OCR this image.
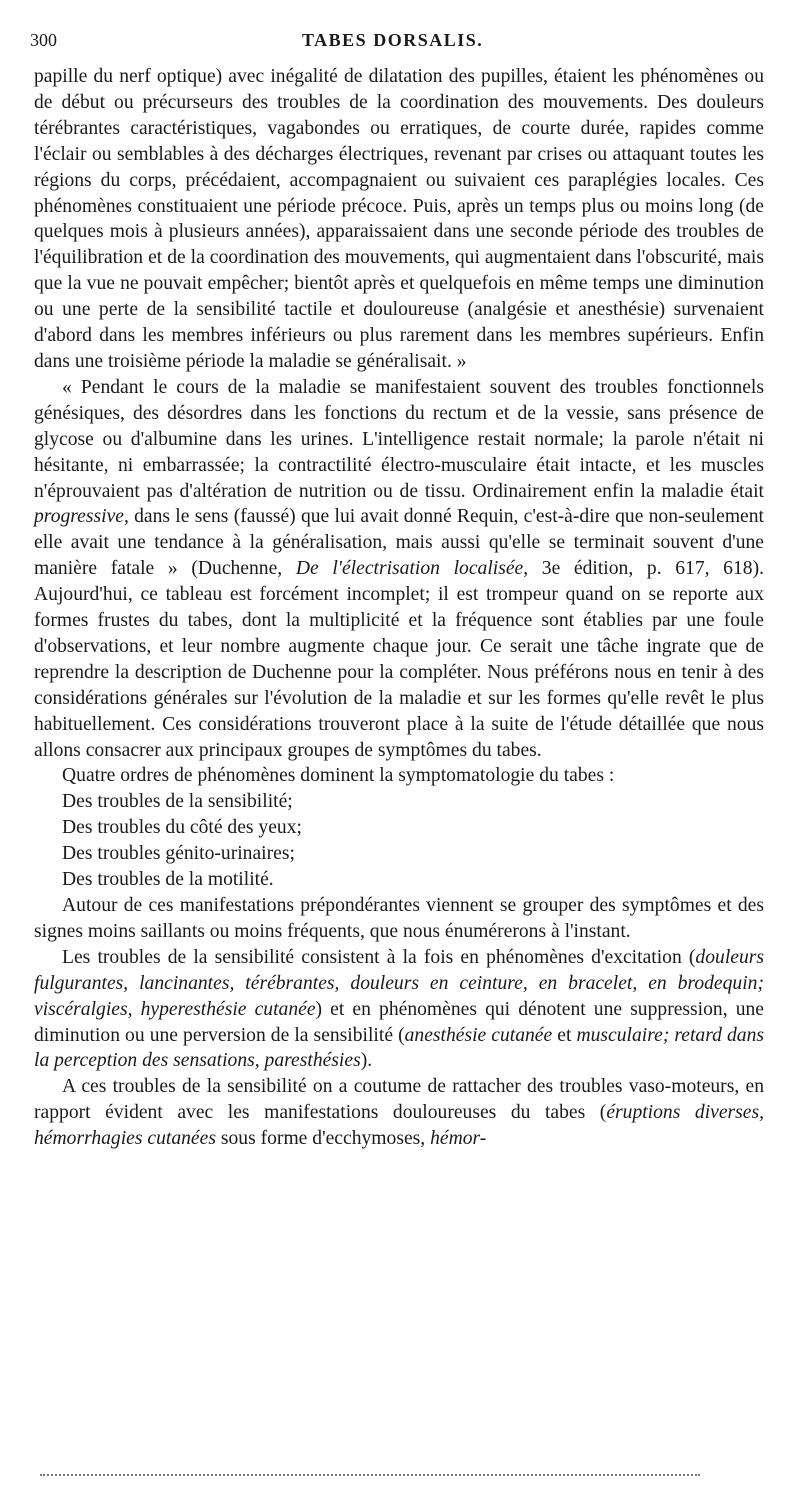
300	TABES DORSALIS.

papille du nerf optique) avec inégalité de dilatation des pupilles, étaient les phénomènes ou de début ou précurseurs des troubles de la coordination des mouvements. Des douleurs térébrantes caractéristiques, vagabondes ou erratiques, de courte durée, rapides comme l'éclair ou semblables à des décharges électriques, revenant par crises ou attaquant toutes les régions du corps, précédaient, accompagnaient ou suivaient ces paraplégies locales. Ces phénomènes constituaient une période précoce. Puis, après un temps plus ou moins long (de quelques mois à plusieurs années), apparaissaient dans une seconde période des troubles de l'équilibration et de la coordination des mouvements, qui augmentaient dans l'obscurité, mais que la vue ne pouvait empêcher; bientôt après et quelquefois en même temps une diminution ou une perte de la sensibilité tactile et douloureuse (analgésie et anesthésie) survenaient d'abord dans les membres inférieurs ou plus rarement dans les membres supérieurs. Enfin dans une troisième période la maladie se généralisait. »

« Pendant le cours de la maladie se manifestaient souvent des troubles fonctionnels génésiques, des désordres dans les fonctions du rectum et de la vessie, sans présence de glycose ou d'albumine dans les urines. L'intelligence restait normale; la parole n'était ni hésitante, ni embarrassée; la contractilité électro-musculaire était intacte, et les muscles n'éprouvaient pas d'altération de nutrition ou de tissu. Ordinairement enfin la maladie était progressive, dans le sens (faussé) que lui avait donné Requin, c'est-à-dire que non-seulement elle avait une tendance à la généralisation, mais aussi qu'elle se terminait souvent d'une manière fatale » (Duchenne, De l'électrisation localisée, 3e édition, p. 617, 618). Aujourd'hui, ce tableau est forcément incomplet; il est trompeur quand on se reporte aux formes frustes du tabes, dont la multiplicité et la fréquence sont établies par une foule d'observations, et leur nombre augmente chaque jour. Ce serait une tâche ingrate que de reprendre la description de Duchenne pour la compléter. Nous préférons nous en tenir à des considérations générales sur l'évolution de la maladie et sur les formes qu'elle revêt le plus habituellement. Ces considérations trouveront place à la suite de l'étude détaillée que nous allons consacrer aux principaux groupes de symptômes du tabes.

Quatre ordres de phénomènes dominent la symptomatologie du tabes :

Des troubles de la sensibilité;

Des troubles du côté des yeux;

Des troubles génito-urinaires;

Des troubles de la motilité.

Autour de ces manifestations prépondérantes viennent se grouper des symptômes et des signes moins saillants ou moins fréquents, que nous énumérerons à l'instant.

Les troubles de la sensibilité consistent à la fois en phénomènes d'excitation (douleurs fulgurantes, lancinantes, térébrantes, douleurs en ceinture, en bracelet, en brodequin; viscéralgies, hyperesthésie cutanée) et en phénomènes qui dénotent une suppression, une diminution ou une perversion de la sensibilité (anesthésie cutanée et musculaire; retard dans la perception des sensations, paresthésies).

A ces troubles de la sensibilité on a coutume de rattacher des troubles vaso-moteurs, en rapport évident avec les manifestations douloureuses du tabes (éruptions diverses, hémorrhagies cutanées sous forme d'ecchymoses, hémor-
